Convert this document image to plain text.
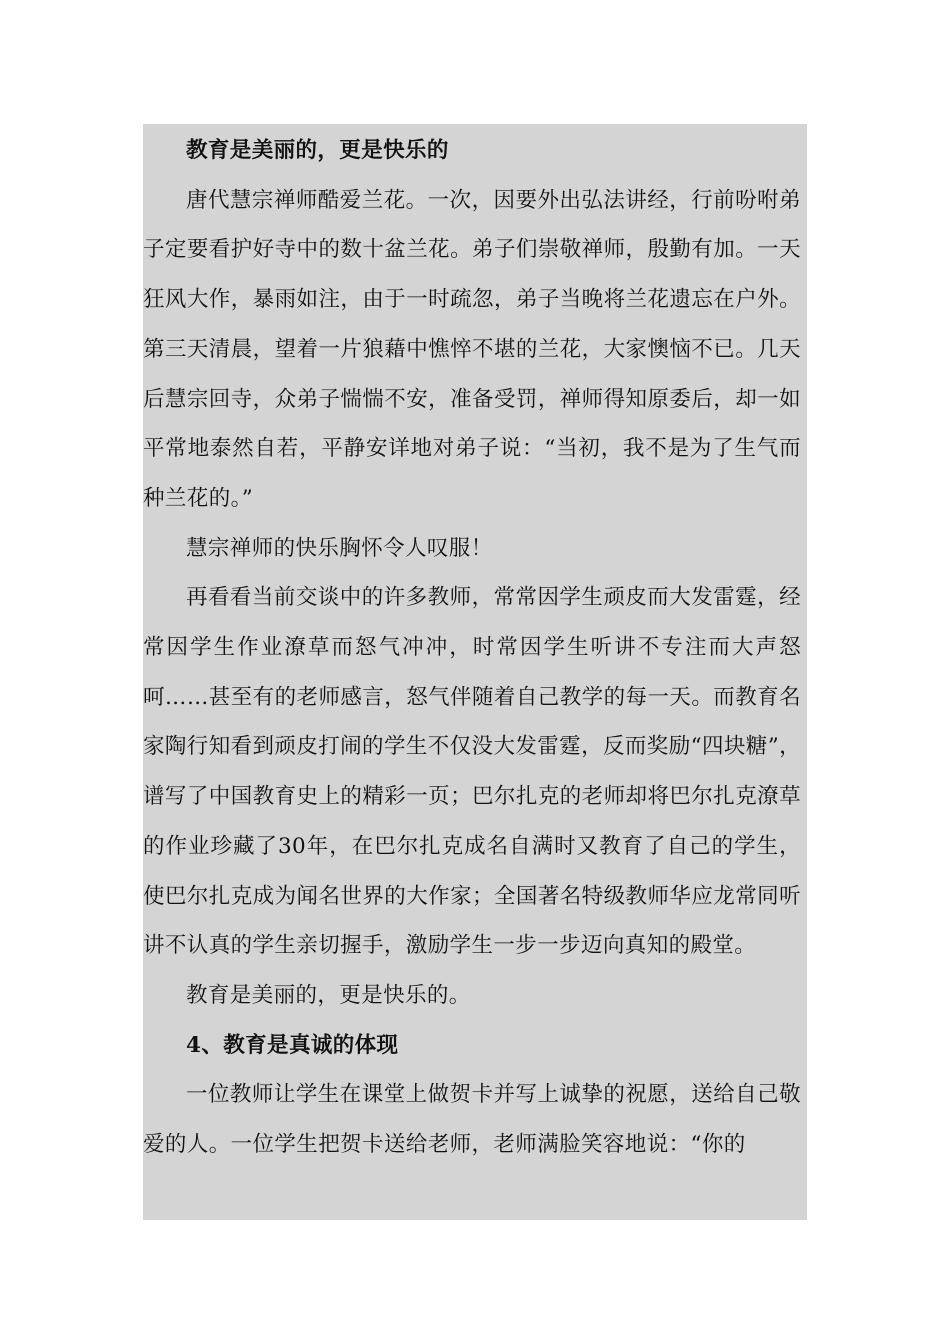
教育是美丽的，更是快乐的

唐代慧宗禅师酷爱兰花。一次，因要外出弘法讲经，行前吩咐弟子定要看护好寺中的数十盆兰花。弟子们崇敬禅师，殷勤有加。一天狂风大作，暴雨如注，由于一时疏忽，弟子当晚将兰花遗忘在户外。第三天清晨，望着一片狼藉中憔悴不堪的兰花，大家懊恼不已。几天后慧宗回寺，众弟子惴惴不安，准备受罚，禅师得知原委后，却一如平常地泰然自若，平静安详地对弟子说：“当初，我不是为了生气而种兰花的。”

慧宗禅师的快乐胸怀令人叹服！

再看看当前交谈中的许多教师，常常因学生顽皮而大发雷霆，经常因学生作业潦草而怒气冲冲，时常因学生听讲不专注而大声怒呵……甚至有的老师感言，怒气伴随着自己教学的每一天。而教育名家陶行知看到顽皮打闹的学生不仅没大发雷霆，反而奖励“四块糖”，谱写了中国教育史上的精彩一页；巴尔扎克的老师却将巴尔扎克潦草的作业珍藏了30年，在巴尔扎克成名自满时又教育了自己的学生，使巴尔扎克成为闻名世界的大作家；全国著名特级教师华应龙常同听讲不认真的学生亲切握手，激励学生一步一步迈向真知的殿堂。

教育是美丽的，更是快乐的。

4、教育是真诚的体现

一位教师让学生在课堂上做贺卡并写上诚挚的祝愿，送给自己敬爱的人。一位学生把贺卡送给老师，老师满脸笑容地说：“你的
